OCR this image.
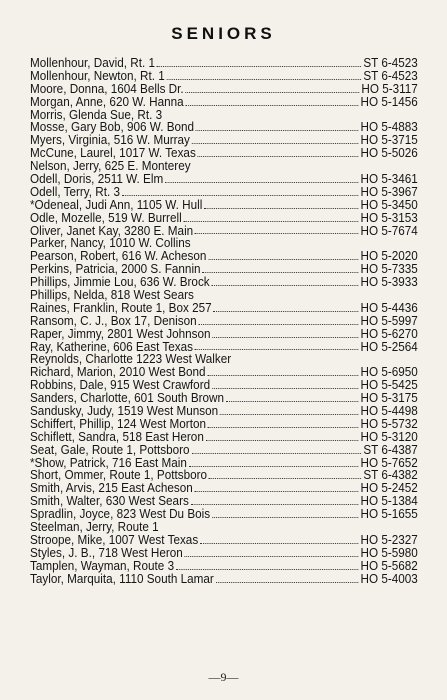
SENIORS
Mollenhour, David, Rt. 1	ST 6-4523
Mollenhour, Newton, Rt. 1	ST 6-4523
Moore, Donna, 1604 Bells Dr.	HO 5-3117
Morgan, Anne, 620 W. Hanna	HO 5-1456
Morris, Glenda Sue, Rt. 3
Mosse, Gary Bob, 906 W. Bond	HO 5-4883
Myers, Virginia, 516 W. Murray	HO 5-3715
McCune, Laurel, 1017 W. Texas	HO 5-5026
Nelson, Jerry, 625 E. Monterey
Odell, Doris, 2511 W. Elm	HO 5-3461
Odell, Terry, Rt. 3	HO 5-3967
*Odeneal, Judi Ann, 1105 W. Hull	HO 5-3450
Odle, Mozelle, 519 W. Burrell	HO 5-3153
Oliver, Janet Kay, 3280 E. Main	HO 5-7674
Parker, Nancy, 1010 W. Collins
Pearson, Robert, 616 W. Acheson	HO 5-2020
Perkins, Patricia, 2000 S. Fannin	HO 5-7335
Phillips, Jimmie Lou, 636 W. Brock	HO 5-3933
Phillips, Nelda, 818 West Sears
Raines, Franklin, Route 1, Box 257	HO 5-4436
Ransom, C. J., Box 17, Denison	HO 5-5997
Raper, Jimmy, 2801 West Johnson	HO 5-6270
Ray, Katherine, 606 East Texas	HO 5-2564
Reynolds, Charlotte 1223 West Walker
Richard, Marion, 2010 West Bond	HO 5-6950
Robbins, Dale, 915 West Crawford	HO 5-5425
Sanders, Charlotte, 601 South Brown	HO 5-3175
Sandusky, Judy, 1519 West Munson	HO 5-4498
Schiffert, Phillip, 124 West Morton	HO 5-5732
Schiflett, Sandra, 518 East Heron	HO 5-3120
Seat, Gale, Route 1, Pottsboro	ST 6-4387
*Show, Patrick, 716 East Main	HO 5-7652
Short, Ommer, Route 1, Pottsboro	ST 6-4382
Smith, Arvis, 215 East Acheson	HO 5-2452
Smith, Walter, 630 West Sears	HO 5-1384
Spradlin, Joyce, 823 West Du Bois	HO 5-1655
Steelman, Jerry, Route 1
Stroope, Mike, 1007 West Texas	HO 5-2327
Styles, J. B., 718 West Heron	HO 5-5980
Tamplen, Wayman, Route 3	HO 5-5682
Taylor, Marquita, 1110 South Lamar	HO 5-4003
—9—
